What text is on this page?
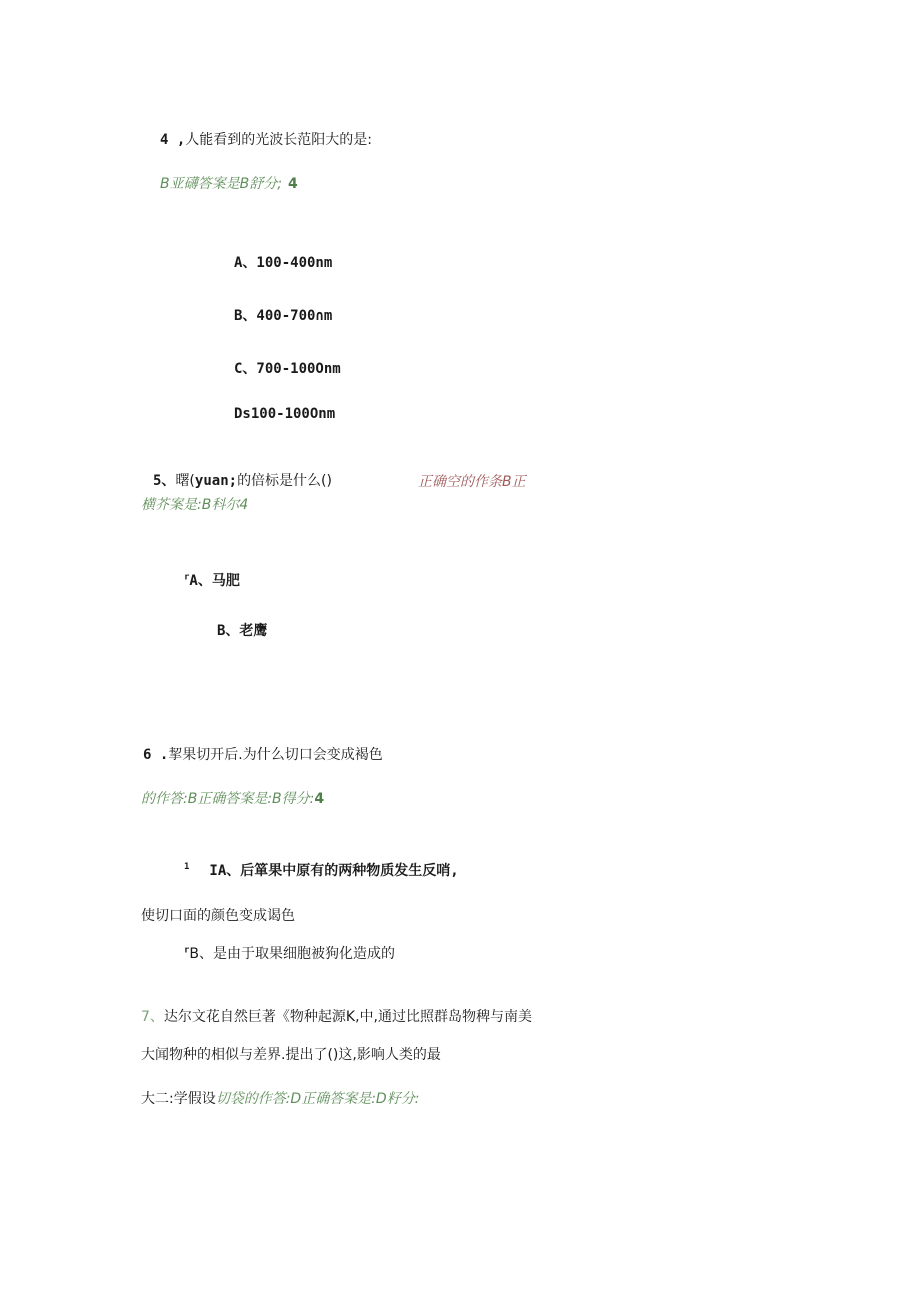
4 ,人能看到的光波长范阳大的是:
B亚礴答案是B舒分; 4
A、100-400nm
B、400-700∩m
C、700-100Onm
Ds100-100Onm
5、曙(yuan;的倍标是什么()	正确空的作条B正
横芥案是:B科尔4
$^r$A、马肥
B、老鹰
6 .挈果切开后.为什么切口会变成褐色
的作答:B正确答案是:B得分:4
$^1$ IA、后箪果中原有的两种物质发生反哨,
使切口面的颜色变成谒色
$^r$B、是由于取果细胞被狗化造成的
7、达尔文花自然巨著《物种起源K,中,通过比照群岛物稗与南美
大闻物种的相似与差界.提出了()这,影响人类的最
大二:学假设切袋的作答:D正确答案是:D籽分:
